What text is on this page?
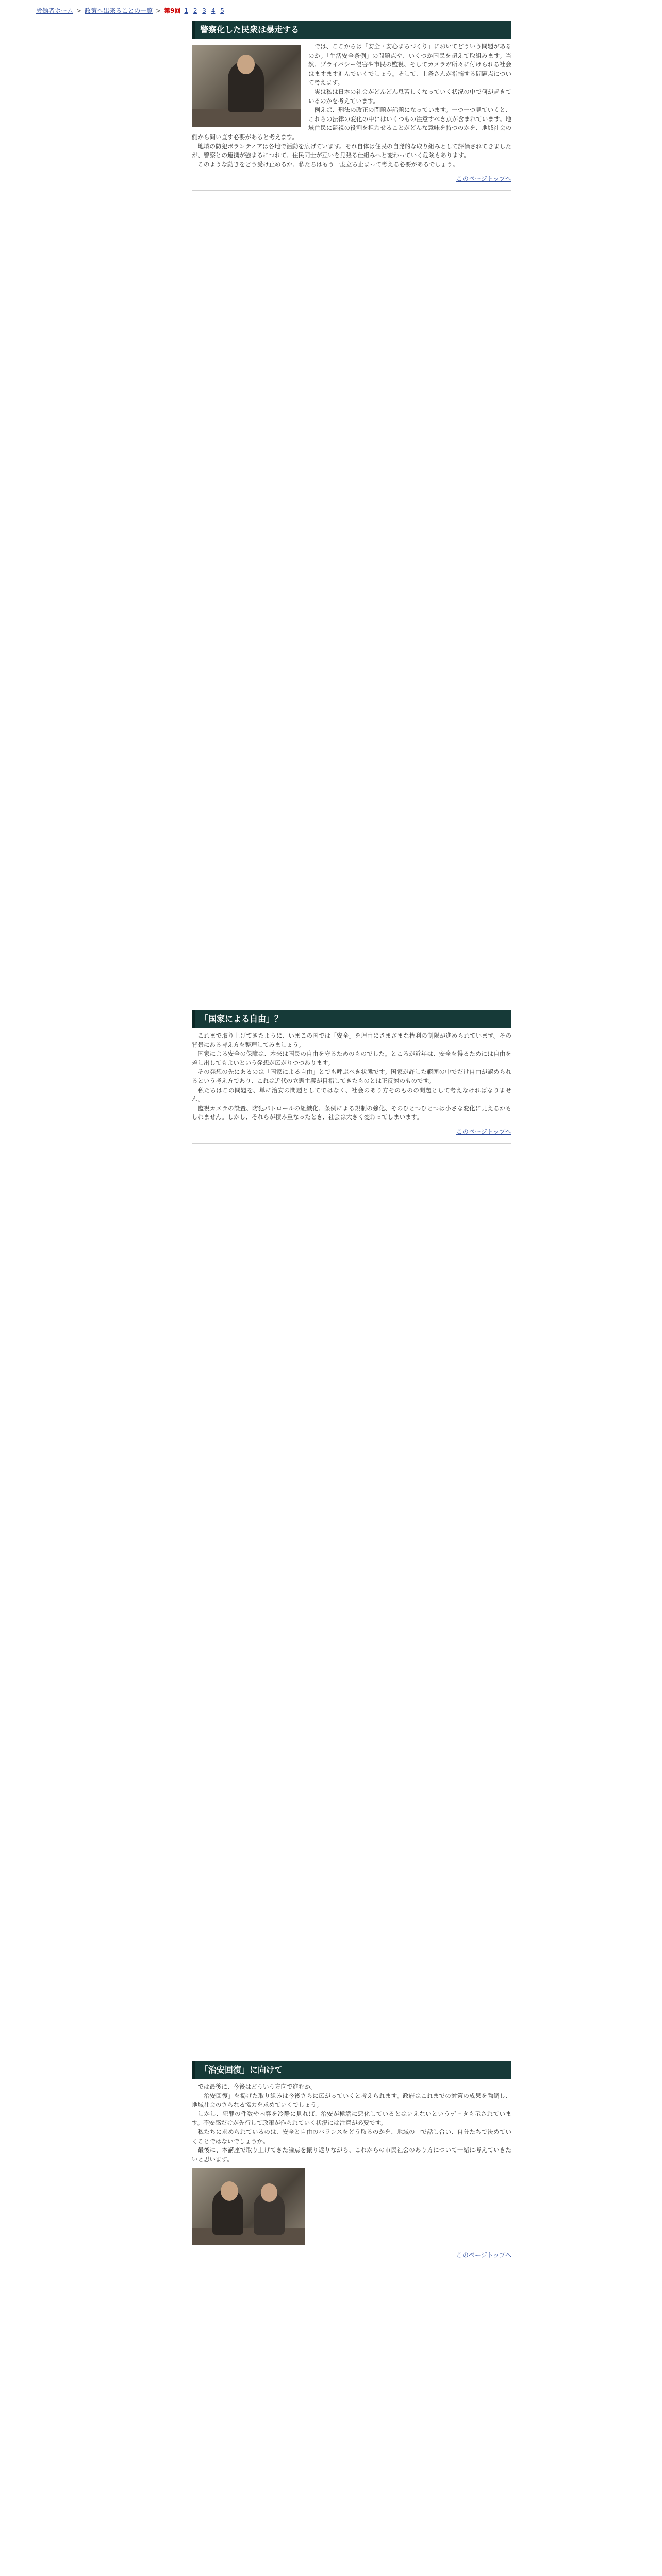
労働者ホーム > 政策へ出来ることの一覧 > 第9回 1 2 3 4 5
警察化した民衆は暴走する

では、ここからは「安全・安心まちづくり」においてどういう問題があるのか。「生活安全条例」の問題点や、いくつか国民を超えて取組みます。当然、プライバシー侵害や市民の監視、そしてカメラが所々に付けられる社会はますます進んでいくでしょう。そして、上条さんが指摘する問題点について考えます。

実は私は日本の社会がどんどん息苦しくなっていく状況の中で何が起きているのかを考えています。

例えば、刑法の改正の問題が話題になっています。一つ一つ見ていくと、これらの法律の変化の中にはいくつもの注意すべき点が含まれています。地域住民に監視の役割を担わせることがどんな意味を持つのかを、地域社会の側から問い直す必要があると考えます。

地域の防犯ボランティアは各地で活動を広げています。それ自体は住民の自発的な取り組みとして評価されてきましたが、警察との連携が強まるにつれて、住民同士が互いを見張る仕組みへと変わっていく危険もあります。

このような動きをどう受け止めるか、私たちはもう一度立ち止まって考える必要があるでしょう。

このページトップへ
「国家による自由」？

これまで取り上げてきたように、いまこの国では「安全」を理由にさまざまな権利の制限が進められています。その背景にある考え方を整理してみましょう。

国家による安全の保障は、本来は国民の自由を守るためのものでした。ところが近年は、安全を得るためには自由を差し出してもよいという発想が広がりつつあります。

その発想の先にあるのは「国家による自由」とでも呼ぶべき状態です。国家が許した範囲の中でだけ自由が認められるという考え方であり、これは近代の立憲主義が目指してきたものとは正反対のものです。

私たちはこの問題を、単に治安の問題としてではなく、社会のあり方そのものの問題として考えなければなりません。

監視カメラの設置、防犯パトロールの組織化、条例による規制の強化、そのひとつひとつは小さな変化に見えるかもしれません。しかし、それらが積み重なったとき、社会は大きく変わってしまいます。

このページトップへ
「治安回復」に向けて

では最後に、今後はどういう方向で進むか。

「治安回復」を掲げた取り組みは今後さらに広がっていくと考えられます。政府はこれまでの対策の成果を強調し、地域社会のさらなる協力を求めていくでしょう。

しかし、犯罪の件数や内容を冷静に見れば、治安が極端に悪化しているとはいえないというデータも示されています。不安感だけが先行して政策が作られていく状況には注意が必要です。

私たちに求められているのは、安全と自由のバランスをどう取るのかを、地域の中で話し合い、自分たちで決めていくことではないでしょうか。

最後に、本講座で取り上げてきた論点を振り返りながら、これからの市民社会のあり方について一緒に考えていきたいと思います。

このページトップへ
